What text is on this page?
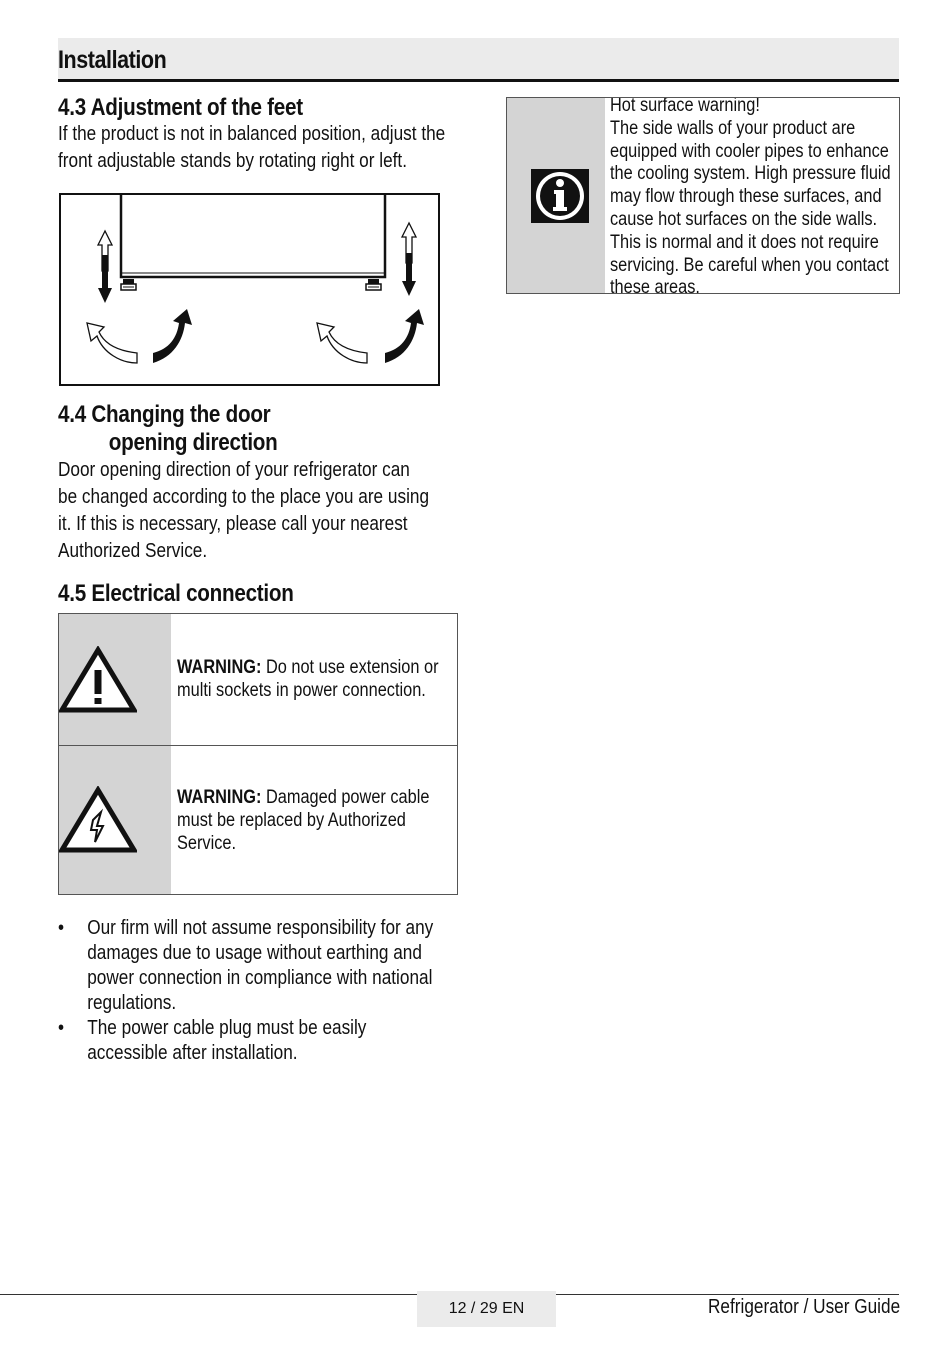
Installation
4.3 Adjustment of the feet
If the product is not in balanced position, adjust the
front adjustable stands by rotating right or left.
4.4 Changing the door
opening direction
Door opening direction of your refrigerator can
be changed according to the place you are using
it. If this is necessary, please call your nearest
Authorized Service.
4.5 Electrical connection
WARNING: Do not use extension or
multi sockets in power connection.
WARNING: Damaged power cable
must be replaced by Authorized
Service.
• Our firm will not assume responsibility for any
damages due to usage without earthing and
power connection in compliance with national
regulations.
• The power cable plug must be easily
accessible after installation.
Hot surface warning!
The side walls of your product are
equipped with cooler pipes to enhance
the cooling system. High pressure fluid
may flow through these surfaces, and
cause hot surfaces on the side walls.
This is normal and it does not require
servicing. Be careful when you contact
these areas.
12 / 29 EN	Refrigerator / User Guide
